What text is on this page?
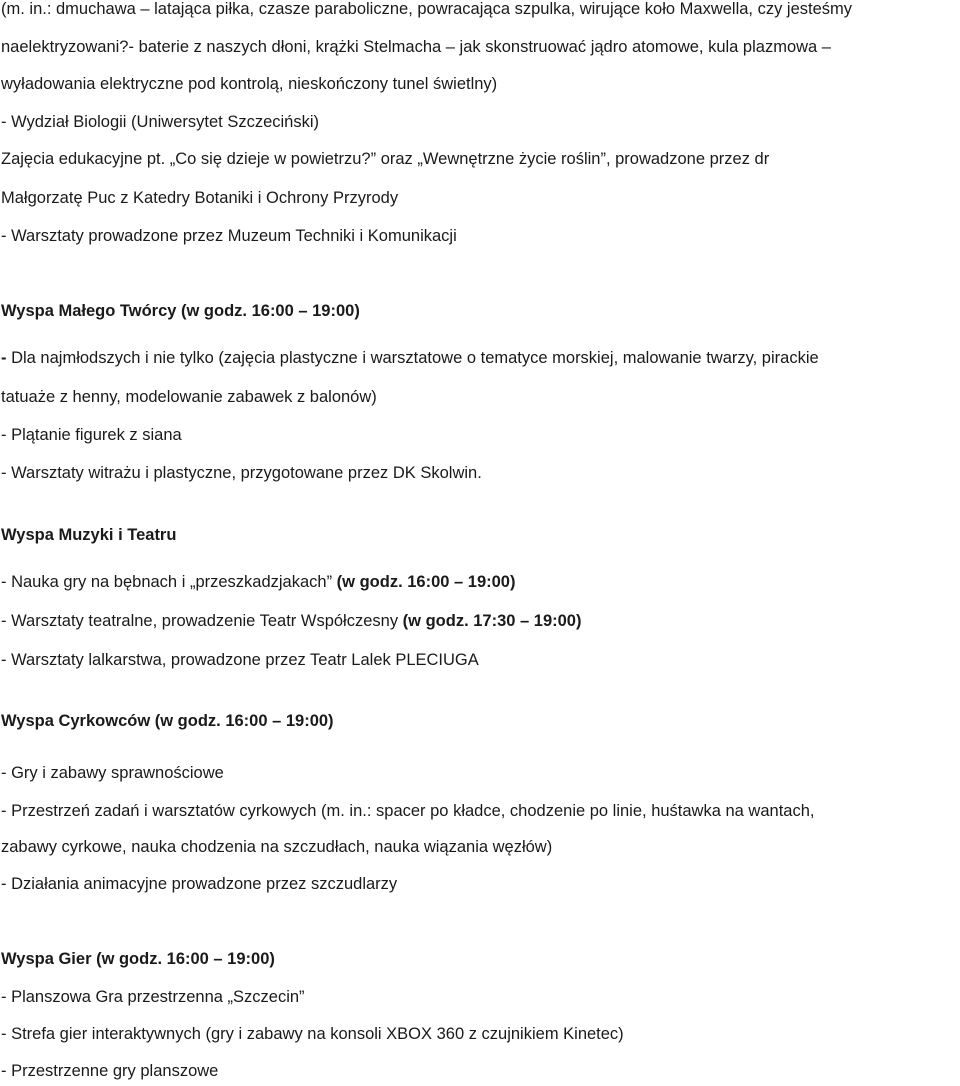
(m. in.: dmuchawa – latająca piłka, czasze paraboliczne, powracająca szpulka, wirujące koło Maxwella, czy jesteśmy
naelektryzowani?- baterie z naszych dłoni, krążki Stelmacha – jak skonstruować jądro atomowe, kula plazmowa –
wyładowania elektryczne pod kontrolą, nieskończony tunel świetlny)
- Wydział Biologii (Uniwersytet Szczeciński)
Zajęcia edukacyjne pt. „Co się dzieje w powietrzu?” oraz „Wewnętrzne życie roślin”, prowadzone przez dr
Małgorzatę Puc z Katedry Botaniki i Ochrony Przyrody
- Warsztaty prowadzone przez Muzeum Techniki i Komunikacji
Wyspa Małego Twórcy (w godz. 16:00 – 19:00)
- Dla najmłodszych i nie tylko (zajęcia plastyczne i warsztatowe o tematyce morskiej, malowanie twarzy, pirackie
tatuaże z henny, modelowanie zabawek z balonów)
- Plątanie figurek z siana
- Warsztaty witrażu i plastyczne, przygotowane przez DK Skolwin.
Wyspa Muzyki i Teatru
- Nauka gry na bębnach i „przeszkadzjakach” (w godz. 16:00 – 19:00)
- Warsztaty teatralne, prowadzenie Teatr Współczesny (w godz. 17:30 – 19:00)
- Warsztaty lalkarstwa, prowadzone przez Teatr Lalek PLECIUGA
Wyspa Cyrkowców (w godz. 16:00 – 19:00)
- Gry i zabawy sprawnościowe
- Przestrzeń zadań i warsztatów cyrkowych (m. in.: spacer po kładce, chodzenie po linie, huśtawka na wantach,
zabawy cyrkowe, nauka chodzenia na szczudłach, nauka wiązania węzłów)
- Działania animacyjne prowadzone przez szczudlarzy
Wyspa Gier (w godz. 16:00 – 19:00)
- Planszowa Gra przestrzenna „Szczecin”
- Strefa gier interaktywnych (gry i zabawy na konsoli XBOX 360 z czujnikiem Kinetec)
- Przestrzenne gry planszowe
